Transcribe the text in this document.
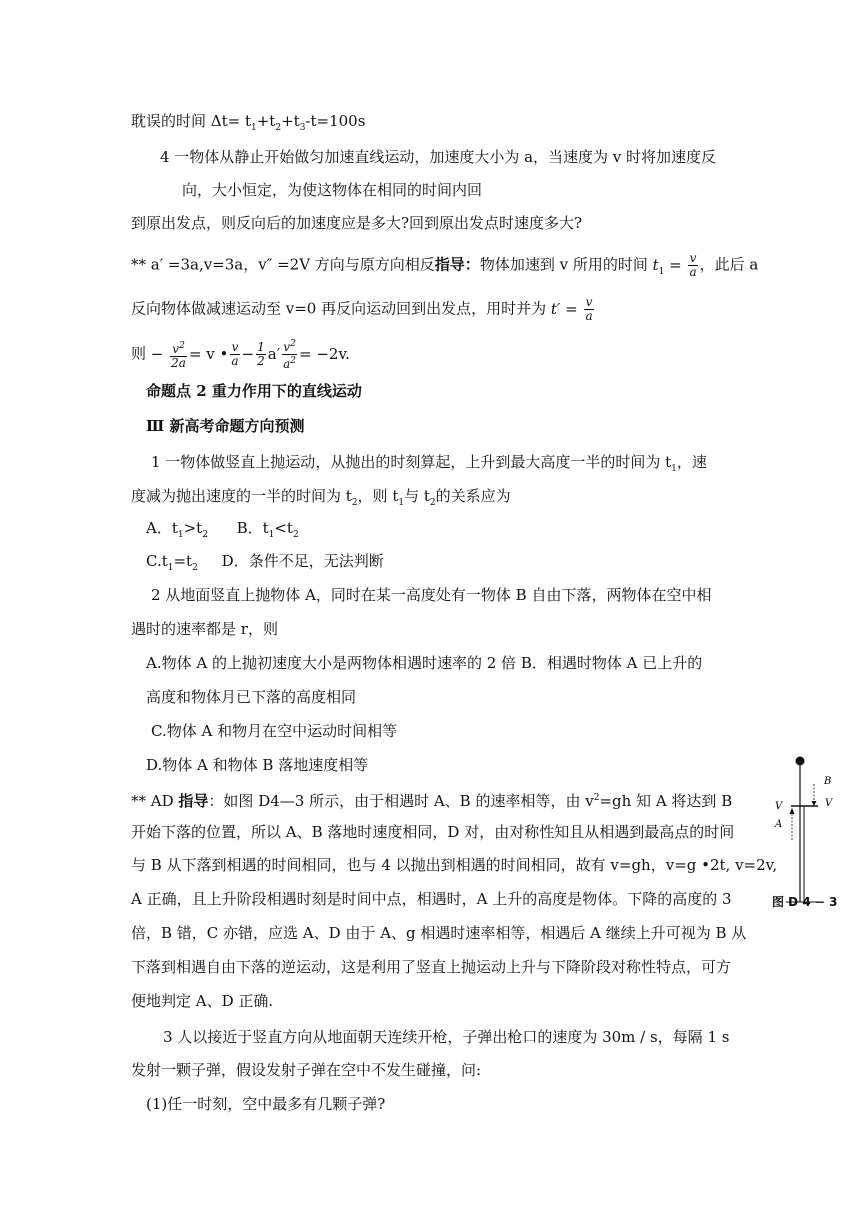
耽误的时间 $\Delta t= t_1+t_2+t_3-t=100s$
4 一物体从静止开始做匀加速直线运动，加速度大小为 a，当速度为 v 时将加速度反
向，大小恒定，为使这物体在相同的时间内回
到原出发点，则反向后的加速度应是多大?回到原出发点时速度多大?
** a′ =3a,v=3a，v″ =2V 方向与原方向相反指导：物体加速到 v 所用的时间 $t_1 = \frac{v}{a}$ ，此后 a
反向物体做减速运动至 v=0 再反向运动回到出发点，用时并为 $t' = \frac{v}{a}$
则 − $\frac{v^2}{2a} = v$ • $\frac{v}{a} - \frac{1}{2} a' \frac{v^2}{a^2} = -2v$.
命题点 2 重力作用下的直线运动
Ⅲ 新高考命题方向预测
1 一物体做竖直上抛运动，从抛出的时刻算起，上升到最大高度一半的时间为 $t_1$，速
度减为抛出速度的一半的时间为 $t_2$，则 $t_1$与 $t_2$的关系应为
A．$t_1>t_2$ B．$t_1<t_2$
$C.t_1=t_2$ D．条件不足，无法判断
2 从地面竖直上抛物体 A，同时在某一高度处有一物体 B 自由下落，两物体在空中相
遇时的速率都是 r，则
A.物体 A 的上抛初速度大小是两物体相遇时速率的 2 倍 B．相遇时物体 A 已上升的
高度和物体月已下落的高度相同
C.物体 A 和物月在空中运动时间相等
D.物体 A 和物体 B 落地速度相等
** AD 指导：如图 D4—3 所示，由于相遇时 A、B 的速率相等，由 $v^2=gh$ 知 A 将达到 B
开始下落的位置，所以 A、B 落地时速度相同，D 对，由对称性知且从相遇到最高点的时间
与 B 从下落到相遇的时间相同，也与 4 以抛出到相遇的时间相同，故有 v=gh，v=g •2t, v=2v,
A 正确，且上升阶段相遇时刻是时间中点，相遇时，A 上升的高度是物体。下降的高度的 3
倍，B 错，C 亦错，应选 A、D 由于 A、g 相遇时速率相等，相遇后 A 继续上升可视为 B 从
下落到相遇自由下落的逆运动，这是利用了竖直上抛运动上升与下降阶段对称性特点，可方
便地判定 A、D 正确.
3 人以接近于竖直方向从地面朝天连续开枪，子弹出枪口的速度为 30m / s，每隔 1 s
发射一颗子弹，假设发射子弹在空中不发生碰撞，问:
(1)任一时刻，空中最多有几颗子弹?
B
V
V
A
图 D 4 − 3
